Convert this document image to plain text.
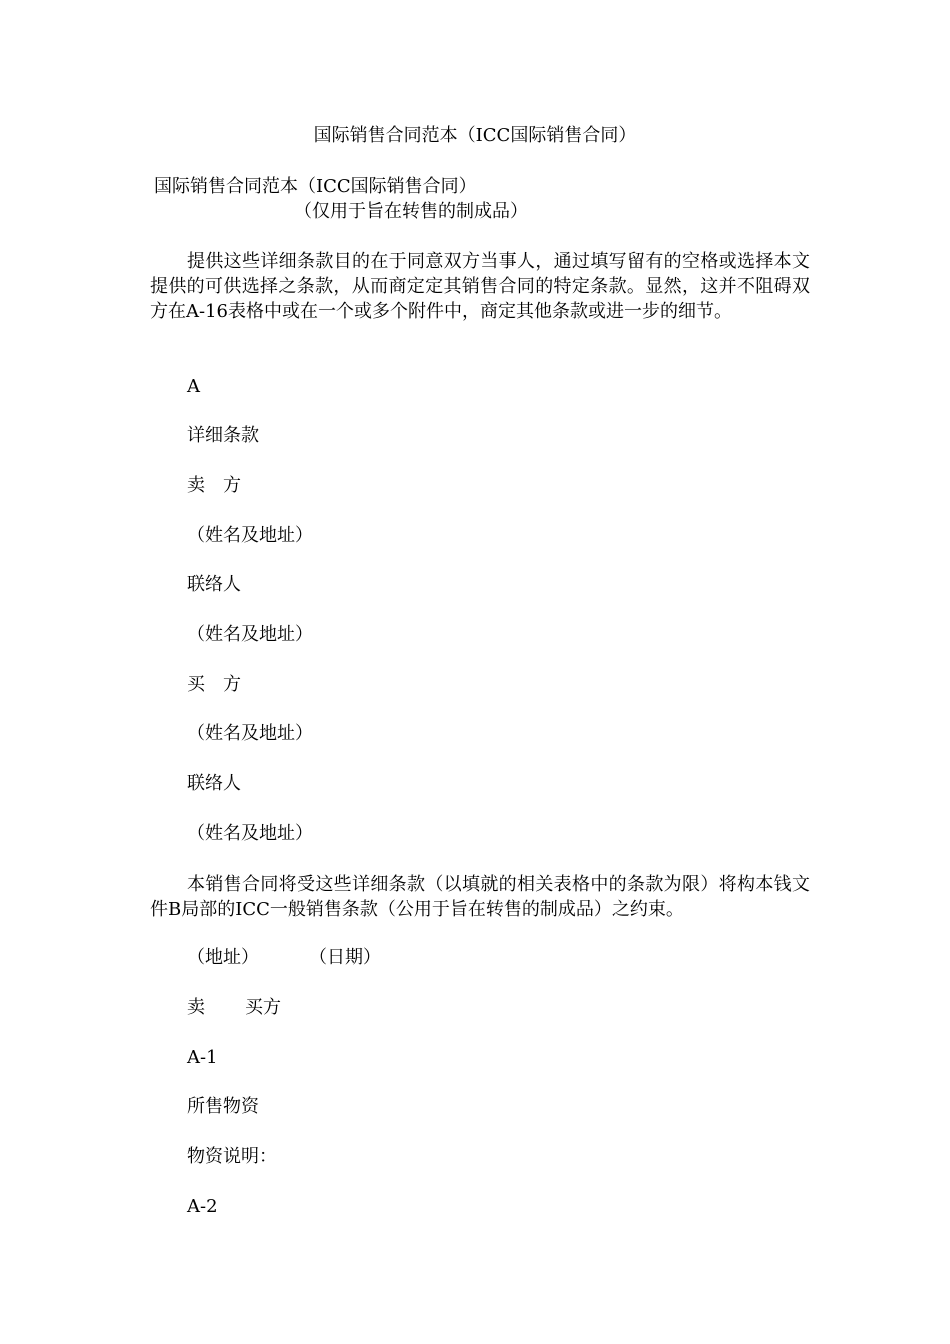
国际销售合同范本（ICC国际销售合同）
国际销售合同范本（ICC国际销售合同）
（仅用于旨在转售的制成品）

提供这些详细条款目的在于同意双方当事人，通过填写留有的空格或选择本文提供的可供选择之条款，从而商定定其销售合同的特定条款。显然，这并不阻碍双方在A-16表格中或在一个或多个附件中，商定其他条款或进一步的细节。

A
详细条款
卖　方
（姓名及地址）
联络人
（姓名及地址）
买　方
（姓名及地址）
联络人
（姓名及地址）

本销售合同将受这些详细条款（以填就的相关表格中的条款为限）将构本钱文件B局部的ICC一般销售条款（公用于旨在转售的制成品）之约束。

（地址）	（日期）
卖 买方
A-1
所售物资
物资说明：
A-2
